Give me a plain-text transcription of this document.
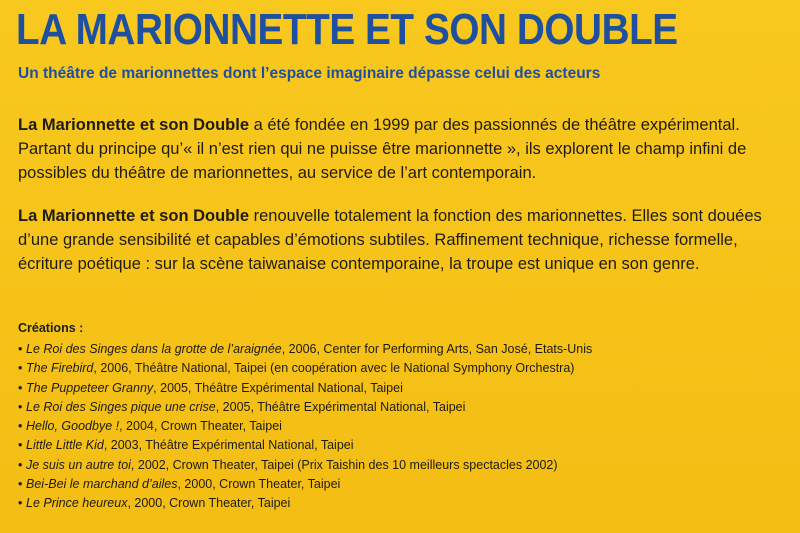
LA MARIONNETTE ET SON DOUBLE
Un théâtre de marionnettes dont l’espace imaginaire dépasse celui des acteurs

La Marionnette et son Double a été fondée en 1999 par des passionnés de théâtre expérimental. Partant du principe qu’« il n’est rien qui ne puisse être marionnette », ils explorent le champ infini de possibles du théâtre de marionnettes, au service de l’art contemporain.

La Marionnette et son Double renouvelle totalement la fonction des marionnettes. Elles sont douées d’une grande sensibilité et capables d’émotions subtiles. Raffinement technique, richesse formelle, écriture poétique : sur la scène taiwanaise contemporaine, la troupe est unique en son genre.

Créations :
• Le Roi des Singes dans la grotte de l’araignée, 2006, Center for Performing Arts, San José, Etats-Unis
• The Firebird, 2006, Théâtre National, Taipei (en coopération avec le National Symphony Orchestra)
• The Puppeteer Granny, 2005, Théâtre Expérimental National, Taipei
• Le Roi des Singes pique une crise, 2005, Théâtre Expérimental National, Taipei
• Hello, Goodbye !, 2004, Crown Theater, Taipei
• Little Little Kid, 2003, Théâtre Expérimental National, Taipei
• Je suis un autre toi, 2002, Crown Theater, Taipei (Prix Taishin des 10 meilleurs spectacles 2002)
• Bei-Bei le marchand d’ailes, 2000, Crown Theater, Taipei
• Le Prince heureux, 2000, Crown Theater, Taipei
